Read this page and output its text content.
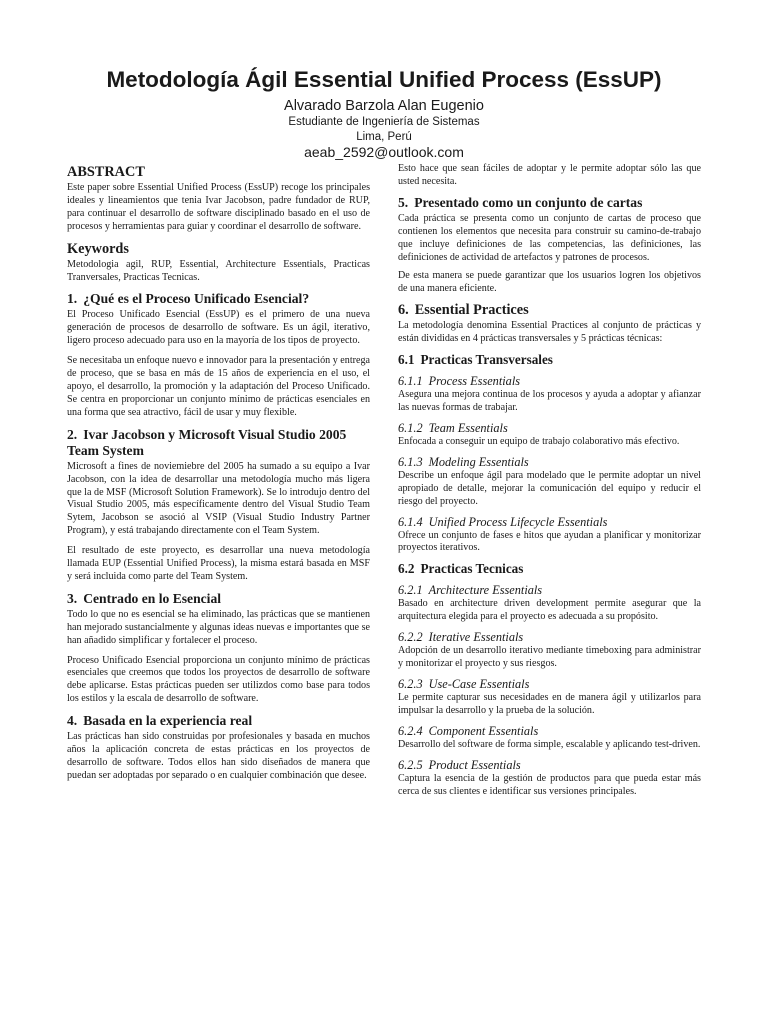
Metodología Ágil Essential Unified Process (EssUP)
Alvarado Barzola Alan Eugenio
Estudiante de Ingeniería de Sistemas
Lima, Perú
aeab_2592@outlook.com
ABSTRACT

Este paper sobre Essential Unified Process (EssUP) recoge los principales ideales y lineamientos que tenia Ivar Jacobson, padre fundador de RUP, para continuar el desarrollo de software disciplinado basado en el uso de procesos y herramientas para guiar y coordinar el desarrollo de software.

Keywords

Metodologia agil, RUP, Essential, Architecture Essentials, Practicas Tranversales, Practicas Tecnicas.

1. ¿Qué es el Proceso Unificado Esencial?

El Proceso Unificado Esencial (EssUP) es el primero de una nueva generación de procesos de desarrollo de software. Es un ágil, iterativo, ligero proceso adecuado para uso en la mayoría de los tipos de proyecto.

Se necesitaba un enfoque nuevo e innovador para la presentación y entrega de proceso, que se basa en más de 15 años de experiencia en el uso, el apoyo, el desarrollo, la promoción y la adaptación del Proceso Unificado. Se centra en proporcionar un conjunto mínimo de prácticas esenciales en una forma que sea atractivo, fácil de usar y muy flexible.

2. Ivar Jacobson y Microsoft Visual Studio 2005 Team System

Microsoft a fines de noviemiebre del 2005 ha sumado a su equipo a Ivar Jacobson, con la idea de desarrollar una metodología mucho más ligera que la de MSF (Microsoft Solution Framework). Se lo introdujo dentro del Visual Studio 2005, más específicamente dentro del Visual Studio Team Sytem, Jacobson se asoció al VSIP (Visual Studio Industry Partner Program), y está trabajando directamente con el Team System.

El resultado de este proyecto, es desarrollar una nueva metodología llamada EUP (Essential Unified Process), la misma estará basada en MSF y será incluida como parte del Team System.

3. Centrado en lo Esencial

Todo lo que no es esencial se ha eliminado, las prácticas que se mantienen han mejorado sustancialmente y algunas ideas nuevas e importantes que se han añadido simplificar y fortalecer el proceso.

Proceso Unificado Esencial proporciona un conjunto mínimo de prácticas esenciales que creemos que todos los proyectos de desarrollo de software debe aplicarse. Estas prácticas pueden ser utilizdos como base para todos los estilos y la escala de desarrollo de software.

4. Basada en la experiencia real

Las prácticas han sido construidas por profesionales y basada en muchos años la aplicación concreta de estas prácticas en los proyectos de desarrollo de software. Todos ellos han sido diseñados de manera que puedan ser adoptadas por separado o en cualquier combinación que desee.

Esto hace que sean fáciles de adoptar y le permite adoptar sólo las que usted necesita.

5. Presentado como un conjunto de cartas

Cada práctica se presenta como un conjunto de cartas de proceso que contienen los elementos que necesita para construir su camino-de-trabajo que incluye definiciones de las competencias, las definiciones, las definiciones de actividad de artefactos y patrones de procesos.

De esta manera se puede garantizar que los usuarios logren los objetivos de una manera eficiente.

6. Essential Practices

La metodología denomina Essential Practices al conjunto de prácticas y están divididas en 4 prácticas transversales y 5 prácticas técnicas:

6.1 Practicas Transversales
6.1.1 Process Essentials

Asegura una mejora continua de los procesos y ayuda a adoptar y afianzar las nuevas formas de trabajar.

6.1.2 Team Essentials

Enfocada a conseguir un equipo de trabajo colaborativo más efectivo.

6.1.3 Modeling Essentials

Describe un enfoque ágil para modelado que le permite adoptar un nivel apropiado de detalle, mejorar la comunicación del equipo y reducir el riesgo del proyecto.

6.1.4 Unified Process Lifecycle Essentials

Ofrece un conjunto de fases e hitos que ayudan a planificar y monitorizar proyectos iterativos.

6.2 Practicas Tecnicas
6.2.1 Architecture Essentials

Basado en architecture driven development permite asegurar que la arquitectura elegida para el proyecto es adecuada a su propósito.

6.2.2 Iterative Essentials

Adopción de un desarrollo iterativo mediante timeboxing para administrar y monitorizar el proyecto y sus riesgos.

6.2.3 Use-Case Essentials

Le permite capturar sus necesidades en de manera ágil y utilizarlos para impulsar la desarrollo y la prueba de la solución.

6.2.4 Component Essentials

Desarrollo del software de forma simple, escalable y aplicando test-driven.

6.2.5 Product Essentials

Captura la esencia de la gestión de productos para que pueda estar más cerca de sus clientes e identificar sus versiones principales.
